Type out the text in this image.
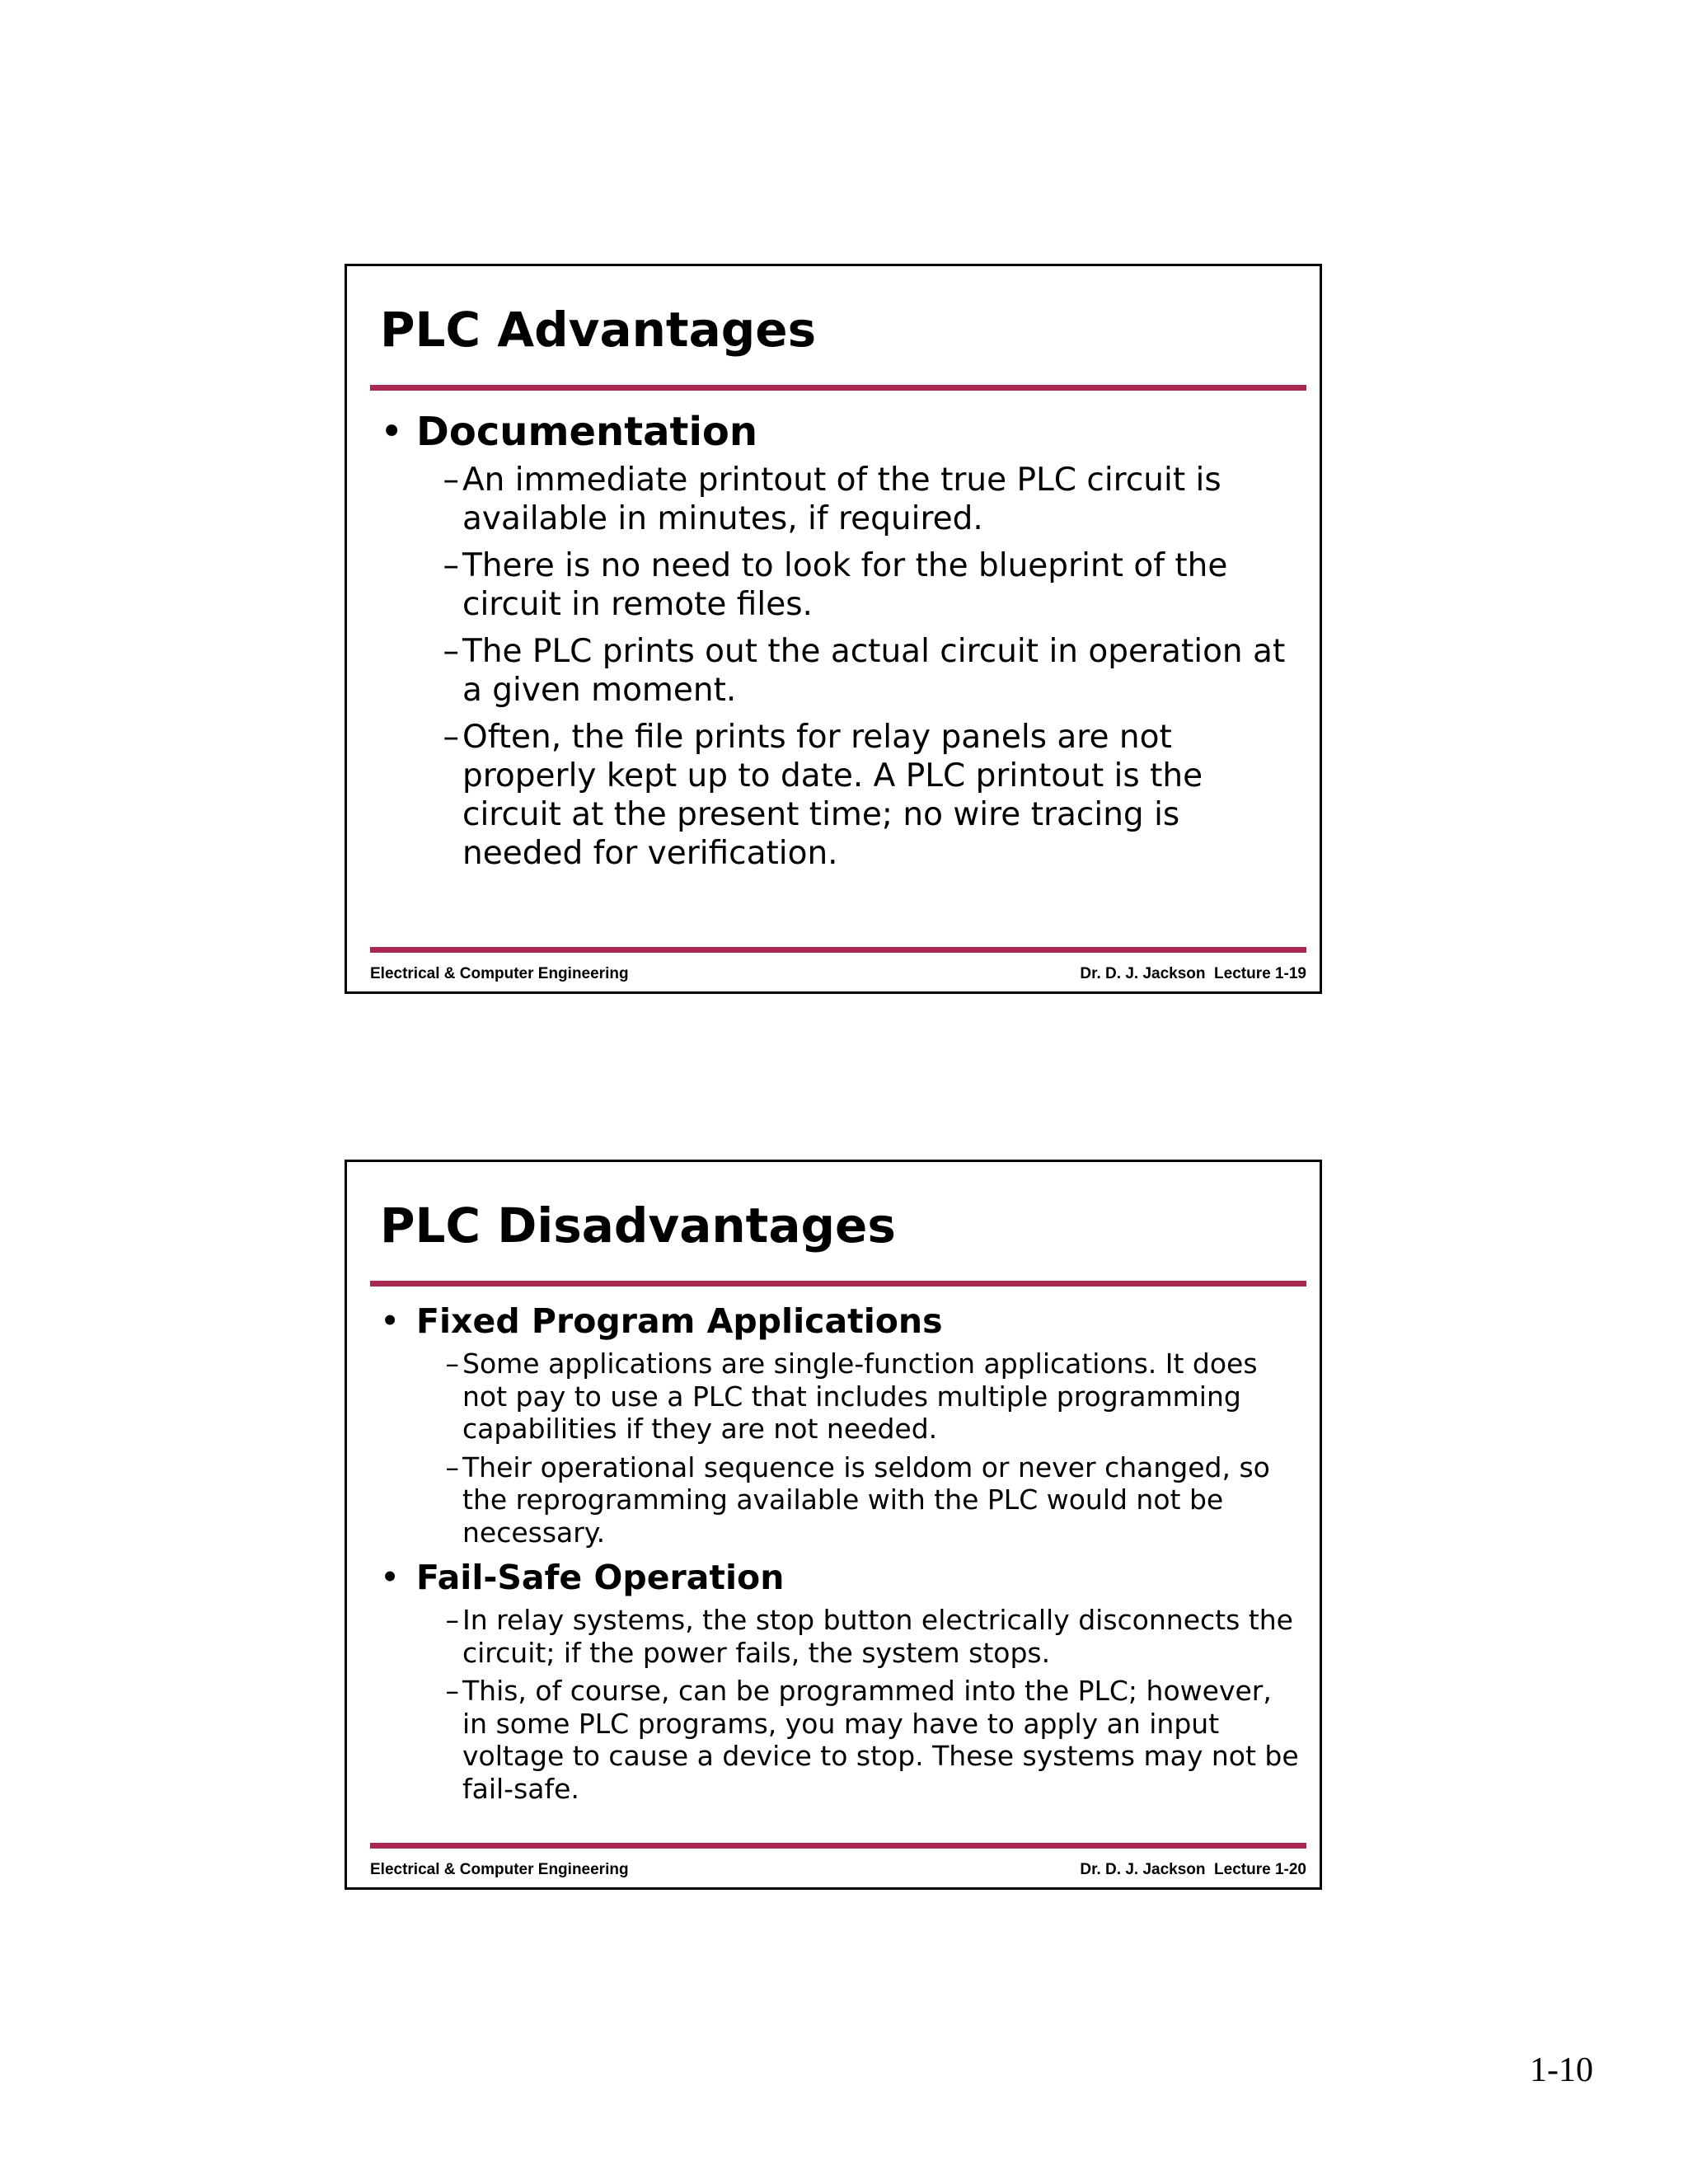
PLC Advantages
• Documentation
– An immediate printout of the true PLC circuit is available in minutes, if required.
– There is no need to look for the blueprint of the circuit in remote files.
– The PLC prints out the actual circuit in operation at a given moment.
– Often, the file prints for relay panels are not properly kept up to date. A PLC printout is the circuit at the present time; no wire tracing is needed for verification.
Electrical & Computer Engineering	Dr. D. J. Jackson  Lecture 1-19
PLC Disadvantages
• Fixed Program Applications
– Some applications are single-function applications. It does not pay to use a PLC that includes multiple programming capabilities if they are not needed.
– Their operational sequence is seldom or never changed, so the reprogramming available with the PLC would not be necessary.
• Fail-Safe Operation
– In relay systems, the stop button electrically disconnects the circuit; if the power fails, the system stops.
– This, of course, can be programmed into the PLC; however, in some PLC programs, you may have to apply an input voltage to cause a device to stop. These systems may not be fail-safe.
Electrical & Computer Engineering	Dr. D. J. Jackson  Lecture 1-20
1-10
